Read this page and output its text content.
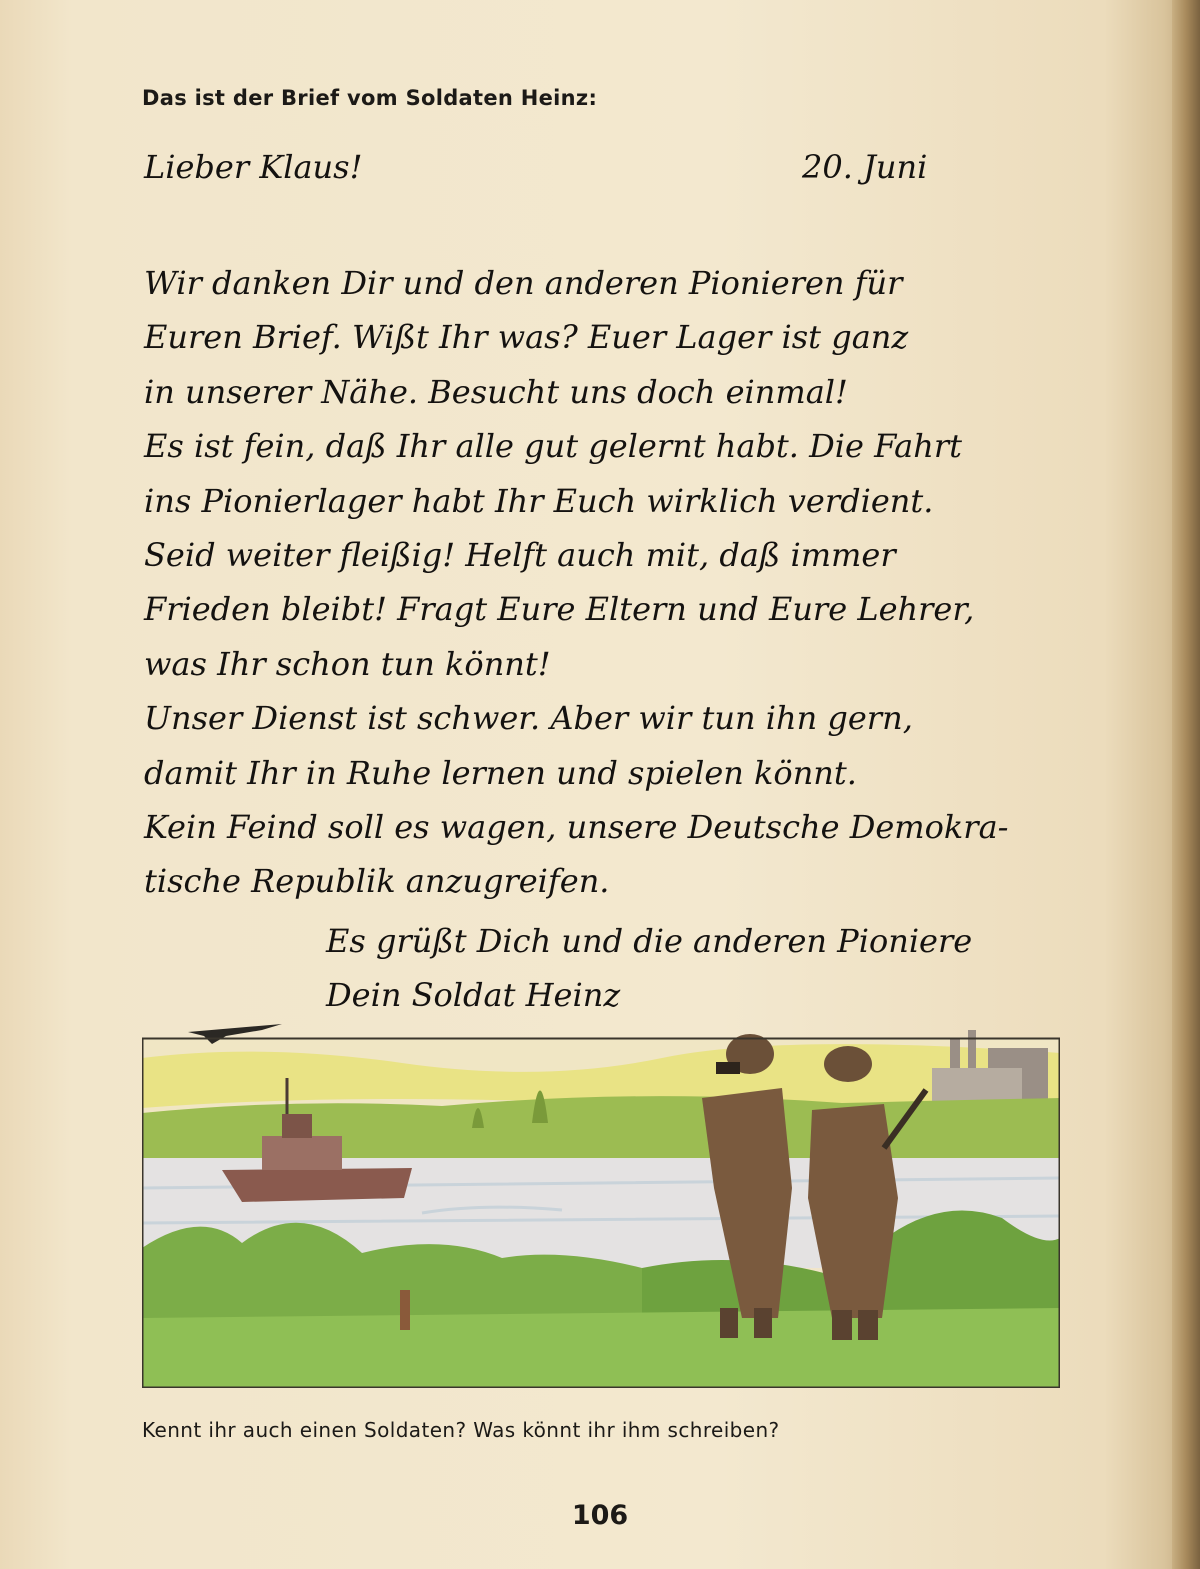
Das ist der Brief vom Soldaten Heinz:
Lieber Klaus!	20. Juni
Wir danken Dir und den anderen Pionieren für
Euren Brief. Wißt Ihr was? Euer Lager ist ganz
in unserer Nähe. Besucht uns doch einmal!
Es ist fein, daß Ihr alle gut gelernt habt. Die Fahrt
ins Pionierlager habt Ihr Euch wirklich verdient.
Seid weiter fleißig! Helft auch mit, daß immer
Frieden bleibt! Fragt Eure Eltern und Eure Lehrer,
was Ihr schon tun könnt!
Unser Dienst ist schwer. Aber wir tun ihn gern,
damit Ihr in Ruhe lernen und spielen könnt.
Kein Feind soll es wagen, unsere Deutsche Demokra-
tische Republik anzugreifen.
Es grüßt Dich und die anderen Pioniere
Dein Soldat Heinz
Kennt ihr auch einen Soldaten? Was könnt ihr ihm schreiben?
106
